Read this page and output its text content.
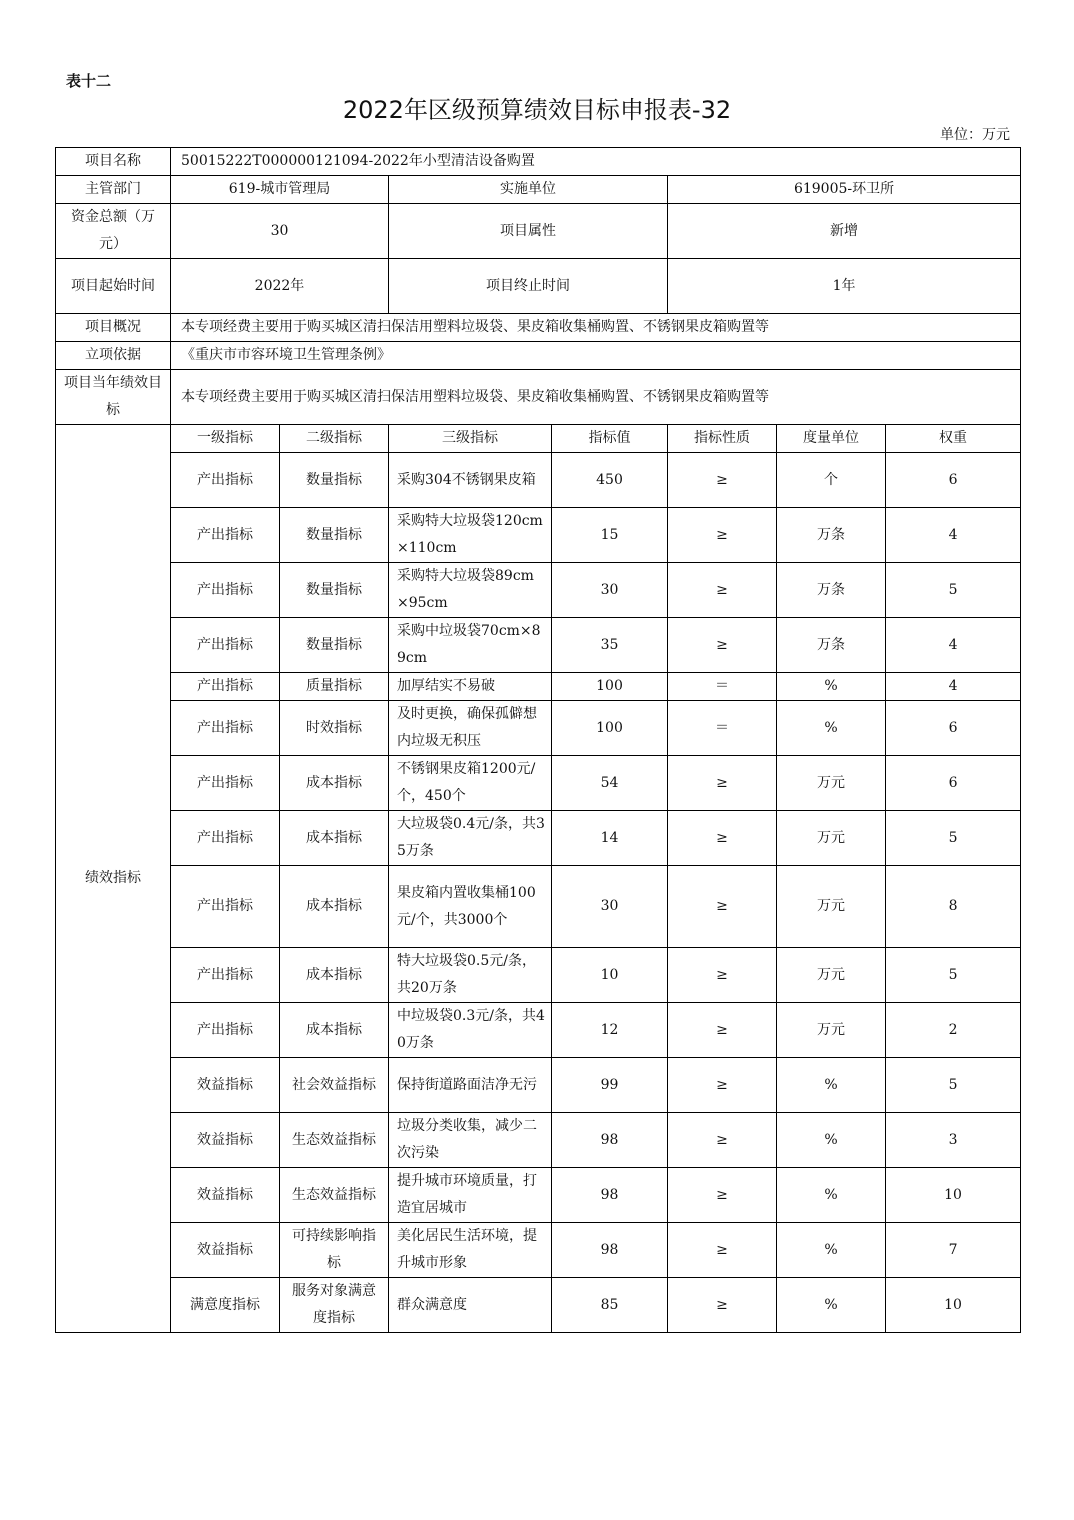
表十二
2022年区级预算绩效目标申报表-32
单位：万元
项目名称	50015222T000000121094-2022年小型清洁设备购置						
主管部门	619-城市管理局		实施单位		619005-环卫所		
资金总额（万元）	30		项目属性		新增		
项目起始时间	2022年		项目终止时间		1年		
项目概况	本专项经费主要用于购买城区清扫保洁用塑料垃圾袋、果皮箱收集桶购置、不锈钢果皮箱购置等						
立项依据	《重庆市市容环境卫生管理条例》						
项目当年绩效目标	本专项经费主要用于购买城区清扫保洁用塑料垃圾袋、果皮箱收集桶购置、不锈钢果皮箱购置等						
绩效指标	一级指标	二级指标	三级指标	指标值	指标性质	度量单位	权重
	产出指标	数量指标	采购304不锈钢果皮箱	450	≥	个	6
	产出指标	数量指标	采购特大垃圾袋120cm×110cm	15	≥	万条	4
	产出指标	数量指标	采购特大垃圾袋89cm×95cm	30	≥	万条	5
	产出指标	数量指标	采购中垃圾袋70cm×89cm	35	≥	万条	4
	产出指标	质量指标	加厚结实不易破	100	＝	%	4
	产出指标	时效指标	及时更换，确保孤僻想内垃圾无积压	100	＝	%	6
	产出指标	成本指标	不锈钢果皮箱1200元/个，450个	54	≥	万元	6
	产出指标	成本指标	大垃圾袋0.4元/条，共35万条	14	≥	万元	5
	产出指标	成本指标	果皮箱内置收集桶100元/个，共3000个	30	≥	万元	8
	产出指标	成本指标	特大垃圾袋0.5元/条，共20万条	10	≥	万元	5
	产出指标	成本指标	中垃圾袋0.3元/条，共40万条	12	≥	万元	2
	效益指标	社会效益指标	保持街道路面洁净无污	99	≥	%	5
	效益指标	生态效益指标	垃圾分类收集，减少二次污染	98	≥	%	3
	效益指标	生态效益指标	提升城市环境质量，打造宜居城市	98	≥	%	10
	效益指标	可持续影响指标	美化居民生活环境，提升城市形象	98	≥	%	7
	满意度指标	服务对象满意度指标	群众满意度	85	≥	%	10
